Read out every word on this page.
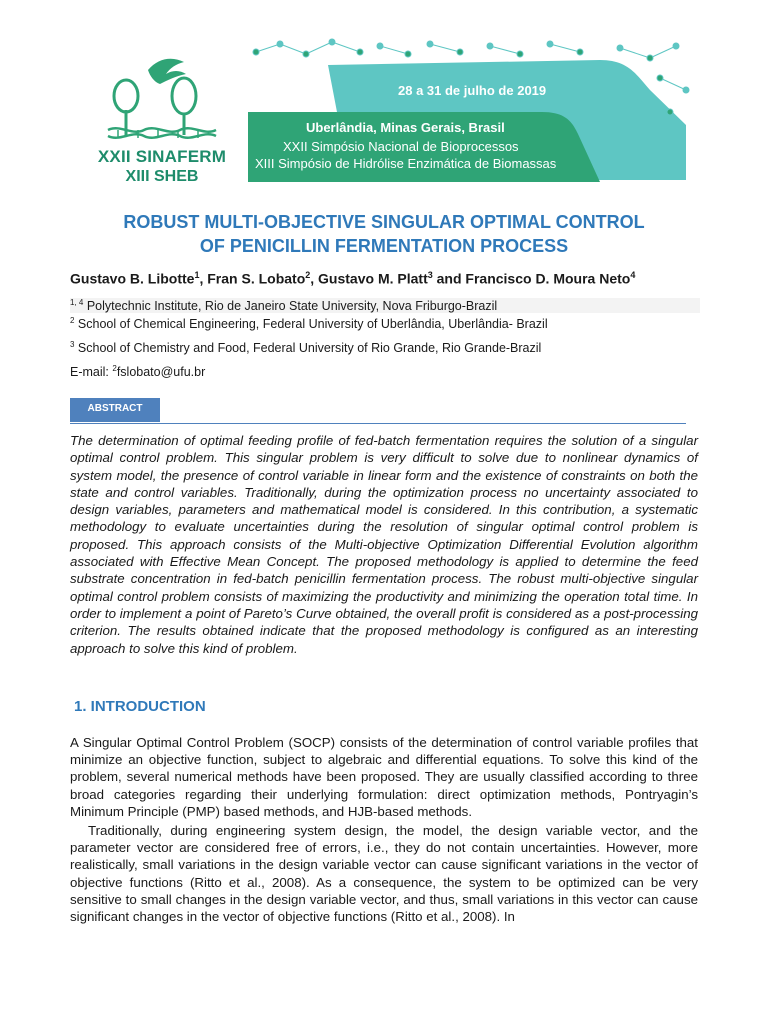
XXII SINAFERM
XIII SHEB
28 a 31 de julho de 2019
Uberlândia, Minas Gerais, Brasil
XXII Simpósio Nacional de Bioprocessos
XIII Simpósio de Hidrólise Enzimática de Biomassas
ROBUST MULTI-OBJECTIVE SINGULAR OPTIMAL CONTROL
OF PENICILLIN FERMENTATION PROCESS
Gustavo B. Libotte$^1$, Fran S. Lobato$^2$, Gustavo M. Platt$^3$ and Francisco D. Moura Neto$^4$
$^{1, 4}$ Polytechnic Institute, Rio de Janeiro State University, Nova Friburgo-Brazil
$^2$ School of Chemical Engineering, Federal University of Uberlândia, Uberlândia- Brazil
$^3$ School of Chemistry and Food, Federal University of Rio Grande, Rio Grande-Brazil
E-mail: $^2$fslobato@ufu.br
ABSTRACT

The determination of optimal feeding profile of fed-batch fermentation requires the solution of a singular optimal control problem. This singular problem is very difficult to solve due to nonlinear dynamics of system model, the presence of control variable in linear form and the existence of constraints on both the state and control variables. Traditionally, during the optimization process no uncertainty associated to design variables, parameters and mathematical model is considered. In this contribution, a systematic methodology to evaluate uncertainties during the resolution of singular optimal control problem is proposed. This approach consists of the Multi-objective Optimization Differential Evolution algorithm associated with Effective Mean Concept. The proposed methodology is applied to determine the feed substrate concentration in fed-batch penicillin fermentation process. The robust multi-objective singular optimal control problem consists of maximizing the productivity and minimizing the operation total time. In order to implement a point of Pareto’s Curve obtained, the overall profit is considered as a post-processing criterion. The results obtained indicate that the proposed methodology is configured as an interesting approach to solve this kind of problem.

1. INTRODUCTION

A Singular Optimal Control Problem (SOCP) consists of the determination of control variable profiles that minimize an objective function, subject to algebraic and differential equations. To solve this kind of the problem, several numerical methods have been proposed. They are usually classified according to three broad categories regarding their underlying formulation: direct optimization methods, Pontryagin’s Minimum Principle (PMP) based methods, and HJB-based methods.

Traditionally, during engineering system design, the model, the design variable vector, and the parameter vector are considered free of errors, i.e., they do not contain uncertainties. However, more realistically, small variations in the design variable vector can cause significant variations in the vector of objective functions (Ritto et al., 2008). As a consequence, the system to be optimized can be very sensitive to small changes in the design variable vector, and thus, small variations in this vector can cause significant changes in the vector of objective functions (Ritto et al., 2008). In
